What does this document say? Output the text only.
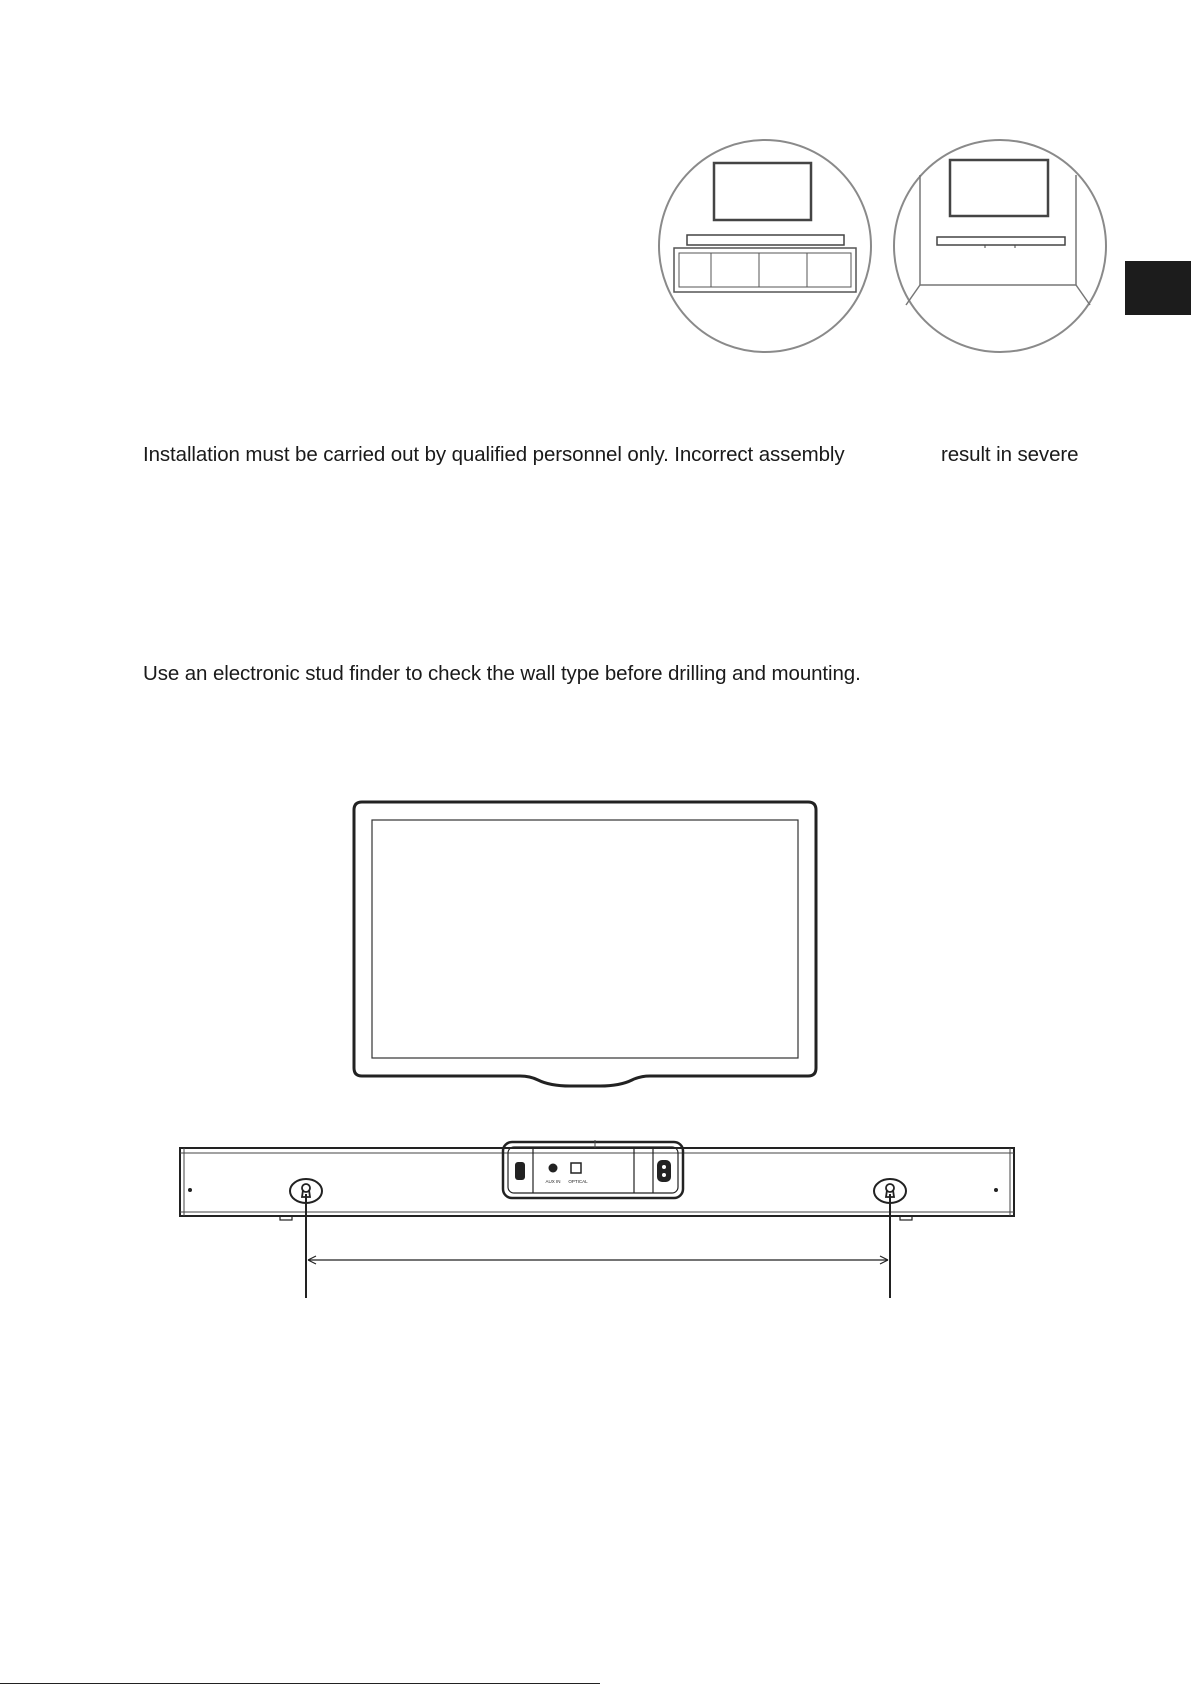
Installation must be carried out by qualified personnel only. Incorrect assembly	result in severe
Use an electronic stud finder to check the wall type before drilling and mounting.
AUX IN OPTICAL
